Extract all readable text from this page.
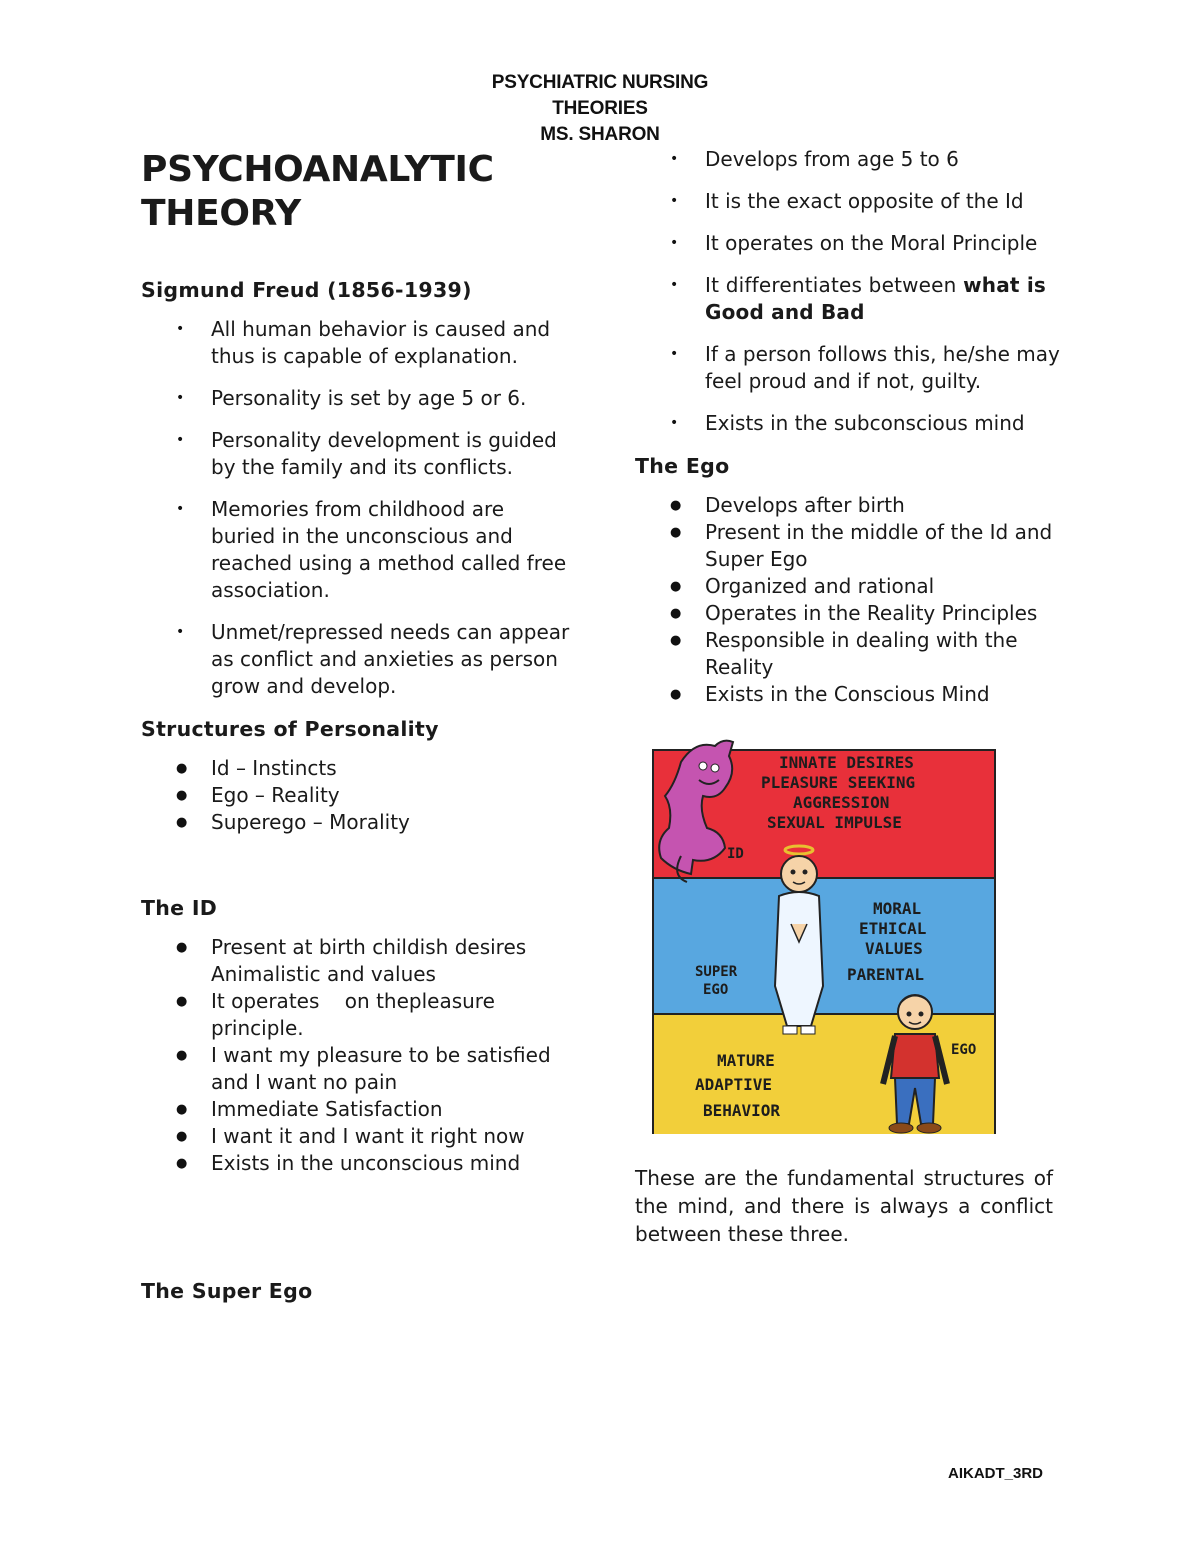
PSYCHIATRIC NURSING
THEORIES
MS. SHARON
PSYCHOANALYTIC
THEORY
Sigmund Freud (1856-1939)
• All human behavior is caused and thus is capable of explanation.
• Personality is set by age 5 or 6.
• Personality development is guided by the family and its conflicts.
• Memories from childhood are buried in the unconscious and reached using a method called free association.
• Unmet/repressed needs can appear as conflict and anxieties as person grow and develop.
Structures of Personality
● Id – Instincts
● Ego – Reality
● Superego – Morality
The ID
● Present at birth childish desires Animalistic and values
● It operates    on thepleasure principle.
● I want my pleasure to be satisfied and I want no pain
● Immediate Satisfaction
● I want it and I want it right now
● Exists in the unconscious mind
The Super Ego
• Develops from age 5 to 6
• It is the exact opposite of the Id
• It operates on the Moral Principle
• It differentiates between what is Good and Bad
• If a person follows this, he/she may feel proud and if not, guilty.
• Exists in the subconscious mind
The Ego
● Develops after birth
● Present in the middle of the Id and Super Ego
● Organized and rational
● Operates in the Reality Principles
● Responsible in dealing with the Reality
● Exists in the Conscious Mind
INNATE DESIRES
PLEASURE SEEKING
AGGRESSION
SEXUAL IMPULSE
ID
MORAL
ETHICAL
VALUES
PARENTAL
SUPER
EGO
MATURE
ADAPTIVE
BEHAVIOR
EGO
These are the fundamental structures of the mind, and there is always a conflict between these three.
AIKADT_3RD
